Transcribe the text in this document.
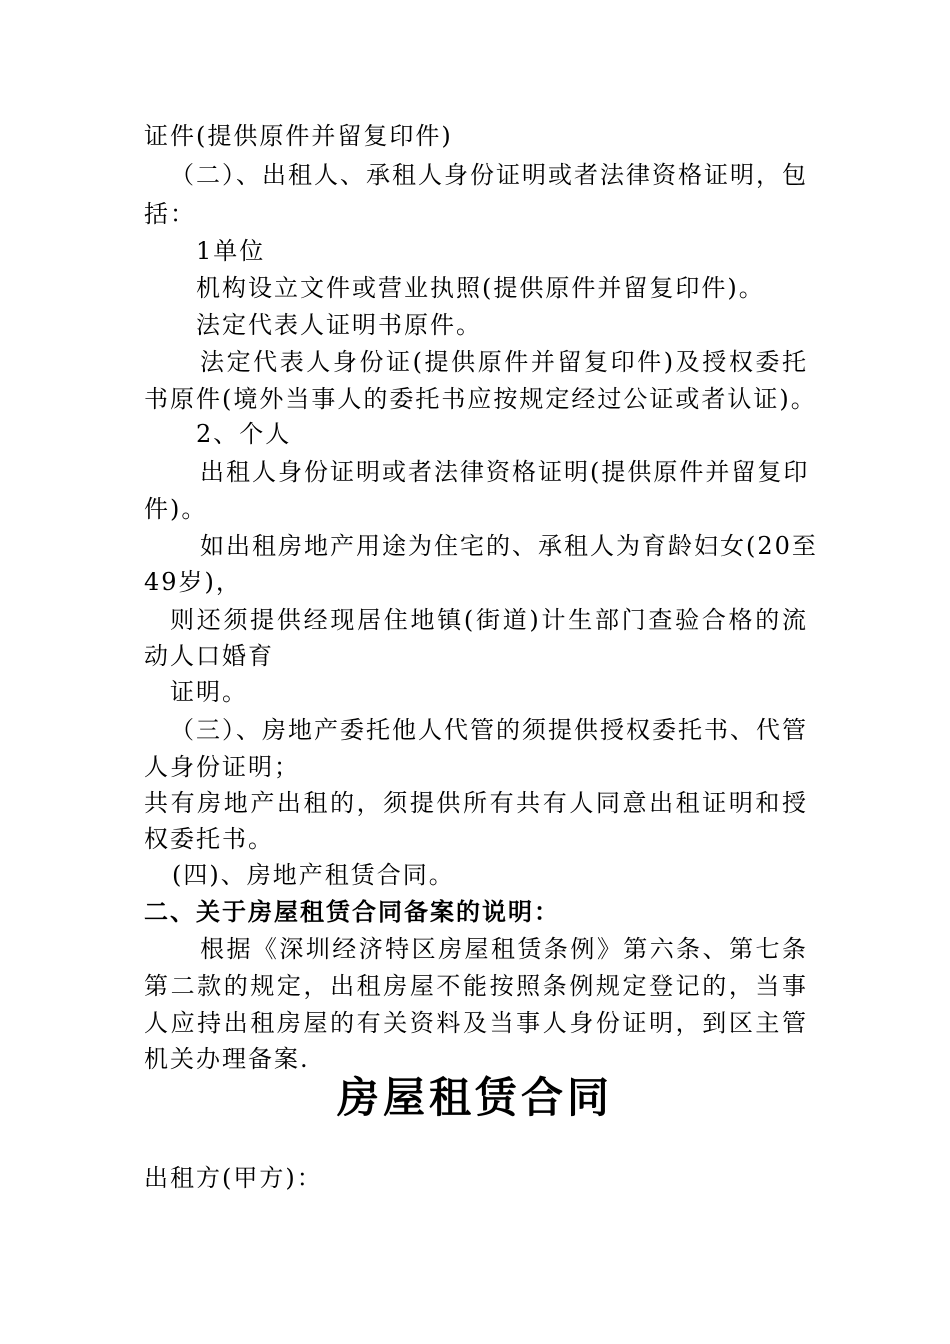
证件(提供原件并留复印件)
（二）、出租人、承租人身份证明或者法律资格证明，包
括：
1单位
机构设立文件或营业执照(提供原件并留复印件)。
法定代表人证明书原件。
法定代表人身份证(提供原件并留复印件)及授权委托
书原件(境外当事人的委托书应按规定经过公证或者认证)。
2、个人
出租人身份证明或者法律资格证明(提供原件并留复印
件)。
如出租房地产用途为住宅的、承租人为育龄妇女(20至
49岁)，
则还须提供经现居住地镇(街道)计生部门查验合格的流
动人口婚育
证明。
（三）、房地产委托他人代管的须提供授权委托书、代管
人身份证明；
共有房地产出租的，须提供所有共有人同意出租证明和授
权委托书。
(四)、房地产租赁合同。
二、关于房屋租赁合同备案的说明：
根据《深圳经济特区房屋租赁条例》第六条、第七条
第二款的规定，出租房屋不能按照条例规定登记的，当事
人应持出租房屋的有关资料及当事人身份证明，到区主管
机关办理备案.
房屋租赁合同
出租方(甲方)：
